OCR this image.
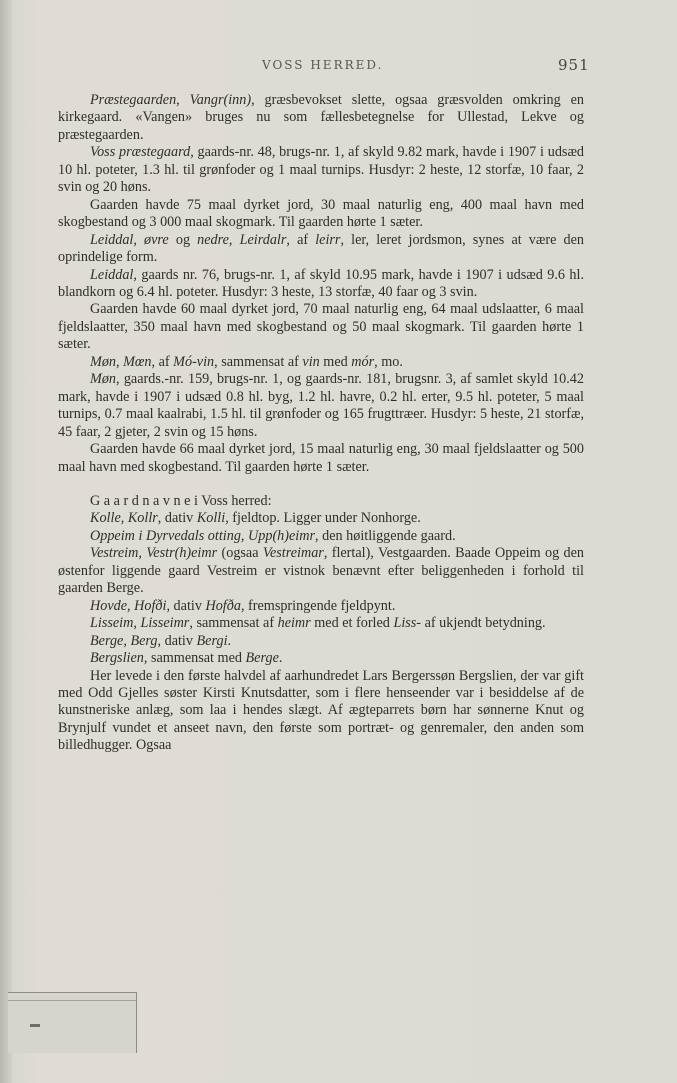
VOSS HERRED.	951

Præstegaarden, Vangr(inn), græsbevokset slette, ogsaa græsvolden omkring en kirkegaard. «Vangen» bruges nu som fællesbetegnelse for Ullestad, Lekve og præstegaarden.

Voss præstegaard, gaards-nr. 48, brugs-nr. 1, af skyld 9.82 mark, havde i 1907 i udsæd 10 hl. poteter, 1.3 hl. til grønfoder og 1 maal turnips. Husdyr: 2 heste, 12 storfæ, 10 faar, 2 svin og 20 høns.

Gaarden havde 75 maal dyrket jord, 30 maal naturlig eng, 400 maal havn med skogbestand og 3 000 maal skogmark. Til gaarden hørte 1 sæter.

Leiddal, øvre og nedre, Leirdalr, af leirr, ler, leret jordsmon, synes at være den oprindelige form.

Leiddal, gaards nr. 76, brugs-nr. 1, af skyld 10.95 mark, havde i 1907 i udsæd 9.6 hl. blandkorn og 6.4 hl. poteter. Husdyr: 3 heste, 13 storfæ, 40 faar og 3 svin.

Gaarden havde 60 maal dyrket jord, 70 maal naturlig eng, 64 maal udslaatter, 6 maal fjeldslaatter, 350 maal havn med skogbestand og 50 maal skogmark. Til gaarden hørte 1 sæter.

Møn, Mœn, af Mó-vin, sammensat af vin med mór, mo.

Møn, gaards.-nr. 159, brugs-nr. 1, og gaards-nr. 181, brugsnr. 3, af samlet skyld 10.42 mark, havde i 1907 i udsæd 0.8 hl. byg, 1.2 hl. havre, 0.2 hl. erter, 9.5 hl. poteter, 5 maal turnips, 0.7 maal kaalrabi, 1.5 hl. til grønfoder og 165 frugttræer. Husdyr: 5 heste, 21 storfæ, 45 faar, 2 gjeter, 2 svin og 15 høns.

Gaarden havde 66 maal dyrket jord, 15 maal naturlig eng, 30 maal fjeldslaatter og 500 maal havn med skogbestand. Til gaarden hørte 1 sæter.

G a a r d n a v n e i Voss herred:

Kolle, Kollr, dativ Kolli, fjeldtop. Ligger under Nonhorge.

Oppeim i Dyrvedals otting, Upp(h)eimr, den høitliggende gaard.

Vestreim, Vestr(h)eimr (ogsaa Vestreimar, flertal), Vestgaarden. Baade Oppeim og den østenfor liggende gaard Vestreim er vistnok benævnt efter beliggenheden i forhold til gaarden Berge.

Hovde, Hofði, dativ Hofða, fremspringende fjeldpynt.

Lisseim, Lisseimr, sammensat af heimr med et forled Liss- af ukjendt betydning.

Berge, Berg, dativ Bergi.

Bergslien, sammensat med Berge.

Her levede i den første halvdel af aarhundredet Lars Bergerssøn Bergslien, der var gift med Odd Gjelles søster Kirsti Knutsdatter, som i flere henseender var i besiddelse af de kunstneriske anlæg, som laa i hendes slægt. Af ægteparrets børn har sønnerne Knut og Brynjulf vundet et anseet navn, den første som portræt- og genremaler, den anden som billedhugger. Ogsaa
